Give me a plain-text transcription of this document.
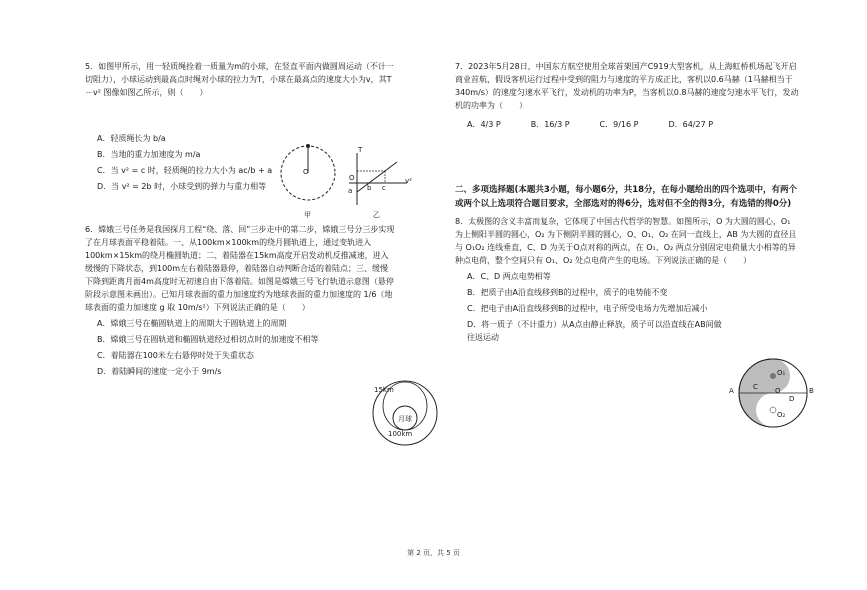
5．如图甲所示，用一轻质绳拴着一质量为m的小球，在竖直平面内做圆周运动（不计一切阻力），小球运动到最高点时绳对小球的拉力为T，小球在最高点的速度大小为v，其T－v² 图像如图乙所示，则（　　）
A．轻质绳长为 b/a
B．当地的重力加速度为 m/a
C．当 v² = c 时，轻质绳的拉力大小为 ac/b + a
D．当 v² = 2b 时，小球受到的弹力与重力相等
6．嫦娥三号任务是我国探月工程“绕、落、回”三步走中的第二步，嫦娥三号分三步实现了在月球表面平稳着陆。一、从100km×100km的绕月圆轨道上，通过变轨进入100km×15km的绕月椭圆轨道；二、着陆器在15km高度开启发动机反推减速，进入缓慢的下降状态，到100m左右着陆器悬停，着陆器自动判断合适的着陆点；三、缓慢下降到距离月面4m高度时无初速自由下落着陆。如图是嫦娥三号飞行轨道示意图（悬停阶段示意图未画出）。已知月球表面的重力加速度约为地球表面的重力加速度的 1/6（地球表面的重力加速度 g 取 10m/s²）下列说法正确的是（　　）
A．嫦娥三号在椭圆轨道上的周期大于圆轨道上的周期
B．嫦娥三号在圆轨道和椭圆轨道经过相切点时的加速度不相等
C．着陆器在100米左右悬停时处于失重状态
D．着陆瞬间的速度一定小于 9m/s
O
甲
T
v²
a b c
O
乙
15km
100km
月球
7．2023年5月28日，中国东方航空使用全球首架国产C919大型客机，从上海虹桥机场起飞开启商业首航，假设客机运行过程中受到的阻力与速度的平方成正比，客机以0.6马赫（1马赫相当于340m/s）的速度匀速水平飞行，发动机的功率为P，当客机以0.8马赫的速度匀速水平飞行，发动机的功率为（　　）
A．4/3 P	B．16/3 P	C．9/16 P	D．64/27 P
二、多项选择题(本题共3小题，每小题6分，共18分，在每小题给出的四个选项中，有两个或两个以上选项符合题目要求，全部选对的得6分，选对但不全的得3分，有选错的得0分)
8．太极图的含义丰富而复杂，它体现了中国古代哲学的智慧。如图所示，O 为大圆的圆心，O₁ 为上侧阳半圆的圆心，O₂ 为下侧阴半圆的圆心，O、O₁、O₂ 在同一直线上，AB 为大圆的直径且与 O₁O₂ 连线垂直，C、D 为关于O点对称的两点，在 O₁、O₂ 两点分别固定电荷量大小相等的异种点电荷，整个空间只有 O₁、O₂ 处点电荷产生的电场。下列说法正确的是（　　）
A．C、D 两点电势相等
B．把质子由A沿直线移到B的过程中，质子的电势能不变
C．把电子由A沿直线移到B的过程中，电子所受电场力先增加后减小
D．将一质子（不计重力）从A点由静止释放，质子可以沿直线在AB间做往返运动
A	B
C
D
O
O₁
O₂
第 2 页，共 5 页
